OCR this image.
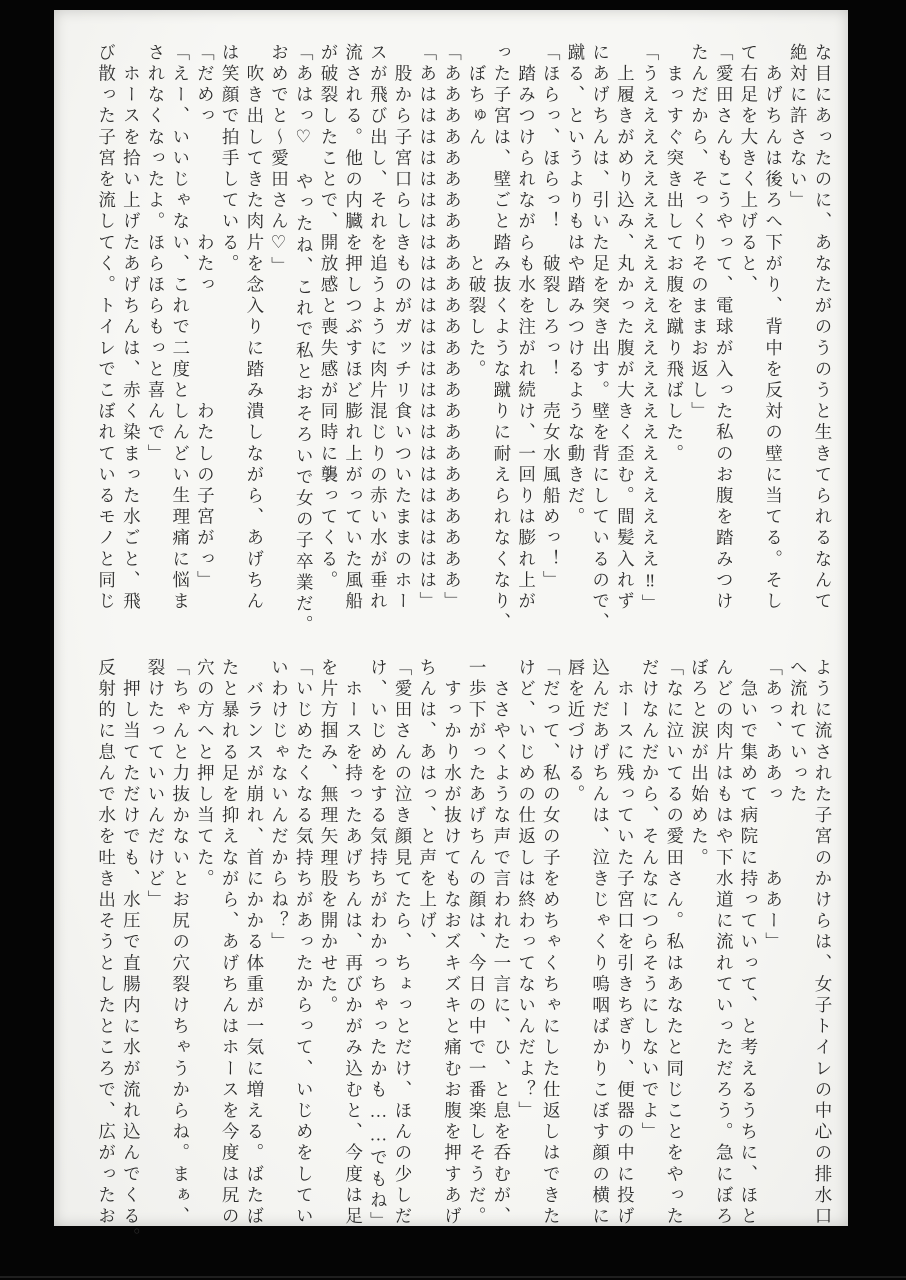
な目にあったのに、あなたがのうのうと生きてられるなんて

絶対に許さない」

　あげちんは後ろへ下がり、背中を反対の壁に当てる。そし

て右足を大きく上げると、

「愛田さんもこうやって、電球が入った私のお腹を踏みつけ

たんだから、そっくりそのままお返し」

　まっすぐ突き出してお腹を蹴り飛ばした。

「うえええええええええええええええええええええええ‼」

　上履きがめり込み、丸かった腹が大きく歪む。間髪入れず

にあげちんは、引いた足を突き出す。壁を背にしているので、

蹴る、というよりもはや踏みつけるような動きだ。

「ほらっ、ほらっ！　破裂しろっ！　売女水風船めっ！」

　踏みつけられながらも水を注がれ続け、一回りは膨れ上が

った子宮は、壁ごと踏み抜くような蹴りに耐えられなくなり、

　ぼちゅん　　　　　と破裂した。

「あああああああああああああああああああああああああ」

「あはははははははははははははははははははははははは」

　股から子宮口らしきものがガッチリ食いついたままのホー

スが飛び出し、それを追うように肉片混じりの赤い水が垂れ

流される。他の内臓を押しつぶすほど膨れ上がっていた風船

が破裂したことで、開放感と喪失感が同時に襲ってくる。

「あはっ♡　やったね、これで私とおそろいで女の子卒業だ。

おめでと～愛田さん♡」

　吹き出してきた肉片を念入りに踏み潰しながら、あげちん

は笑顔で拍手している。

「だめっ　　　　　わたっ　　　　　わたしの子宮がっ」

「えー、いいじゃない、これで二度としんどい生理痛に悩ま

されなくなったよ。ほらほらもっと喜んで」

　ホースを拾い上げたあげちんは、赤く染まった水ごと、飛

び散った子宮を流してく。トイレでこぼれているモノと同じ

ように流された子宮のかけらは、女子トイレの中心の排水口

へ流れていった

「あっ、ああっ　　　ああー」

　急いで集めて病院に持っていって、と考えるうちに、ほと

んどの肉片はもはや下水道に流れていっただろう。急にぼろ

ぼろと涙が出始めた。

「なに泣いてるの愛田さん。私はあなたと同じことをやった

だけなんだから、そんなにつらそうにしないでよ」

　ホースに残っていた子宮口を引きちぎり、便器の中に投げ

込んだあげちんは、泣きじゃくり嗚咽ばかりこぼす顔の横に

唇を近づける。

「だって、私の女の子をめちゃくちゃにした仕返しはできた

けど、いじめの仕返しは終わってないんだよ？」

　ささやくような声で言われた一言に、ひ、と息を呑むが、

一歩下がったあげちんの顔は、今日の中で一番楽しそうだ。

　すっかり水が抜けてもなおズキズキと痛むお腹を押すあげ

ちんは、あはっ、と声を上げ、

「愛田さんの泣き顔見てたら、ちょっとだけ、ほんの少しだ

け、いじめをする気持ちがわかっちゃったかも……でもね」

　ホースを持ったあげちんは、再びかがみ込むと、今度は足

を片方掴み、無理矢理股を開かせた。

「いじめたくなる気持ちがあったからって、いじめをしてい

いわけじゃないんだからね？」

　バランスが崩れ、首にかかる体重が一気に増える。ばたば

たと暴れる足を抑えながら、あげちんはホースを今度は尻の

穴の方へと押し当てた。

「ちゃんと力抜かないとお尻の穴裂けちゃうからね。まぁ、

裂けたっていいんだけど」

　押し当てただけでも、水圧で直腸内に水が流れ込んでくる。

反射的に息んで水を吐き出そうとしたところで、広がったお
